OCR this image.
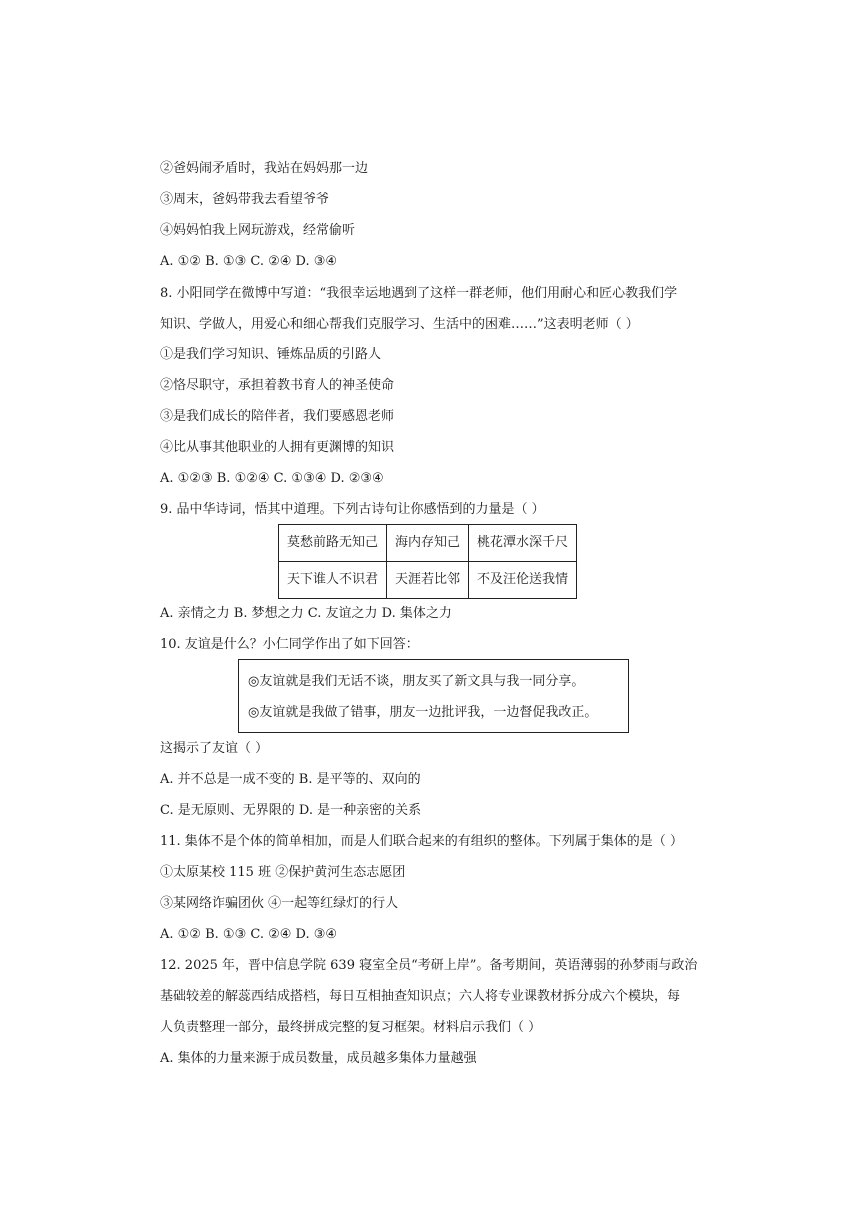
②爸妈闹矛盾时，我站在妈妈那一边
③周末，爸妈带我去看望爷爷
④妈妈怕我上网玩游戏，经常偷听
A. ①② B. ①③ C. ②④ D. ③④
8. 小阳同学在微博中写道：“我很幸运地遇到了这样一群老师，他们用耐心和匠心教我们学
知识、学做人，用爱心和细心帮我们克服学习、生活中的困难……”这表明老师（ ）
①是我们学习知识、锤炼品质的引路人
②恪尽职守，承担着教书育人的神圣使命
③是我们成长的陪伴者，我们要感恩老师
④比从事其他职业的人拥有更渊博的知识
A. ①②③ B. ①②④ C. ①③④ D. ②③④
9. 品中华诗词，悟其中道理。下列古诗句让你感悟到的力量是（ ）
莫愁前路无知己	海内存知己	桃花潭水深千尺
天下谁人不识君	天涯若比邻	不及汪伦送我情
A. 亲情之力 B. 梦想之力 C. 友谊之力 D. 集体之力
10. 友谊是什么？小仁同学作出了如下回答：
◎友谊就是我们无话不谈，朋友买了新文具与我一同分享。
◎友谊就是我做了错事，朋友一边批评我，一边督促我改正。
这揭示了友谊（ ）
A. 并不总是一成不变的 B. 是平等的、双向的
C. 是无原则、无界限的 D. 是一种亲密的关系
11. 集体不是个体的简单相加，而是人们联合起来的有组织的整体。下列属于集体的是（ ）
①太原某校 115 班 ②保护黄河生态志愿团
③某网络诈骗团伙 ④一起等红绿灯的行人
A. ①② B. ①③ C. ②④ D. ③④
12. 2025 年，晋中信息学院 639 寝室全员“考研上岸”。备考期间，英语薄弱的孙梦雨与政治
基础较差的解蕊西结成搭档，每日互相抽查知识点；六人将专业课教材拆分成六个模块，每
人负责整理一部分，最终拼成完整的复习框架。材料启示我们（ ）
A. 集体的力量来源于成员数量，成员越多集体力量越强
